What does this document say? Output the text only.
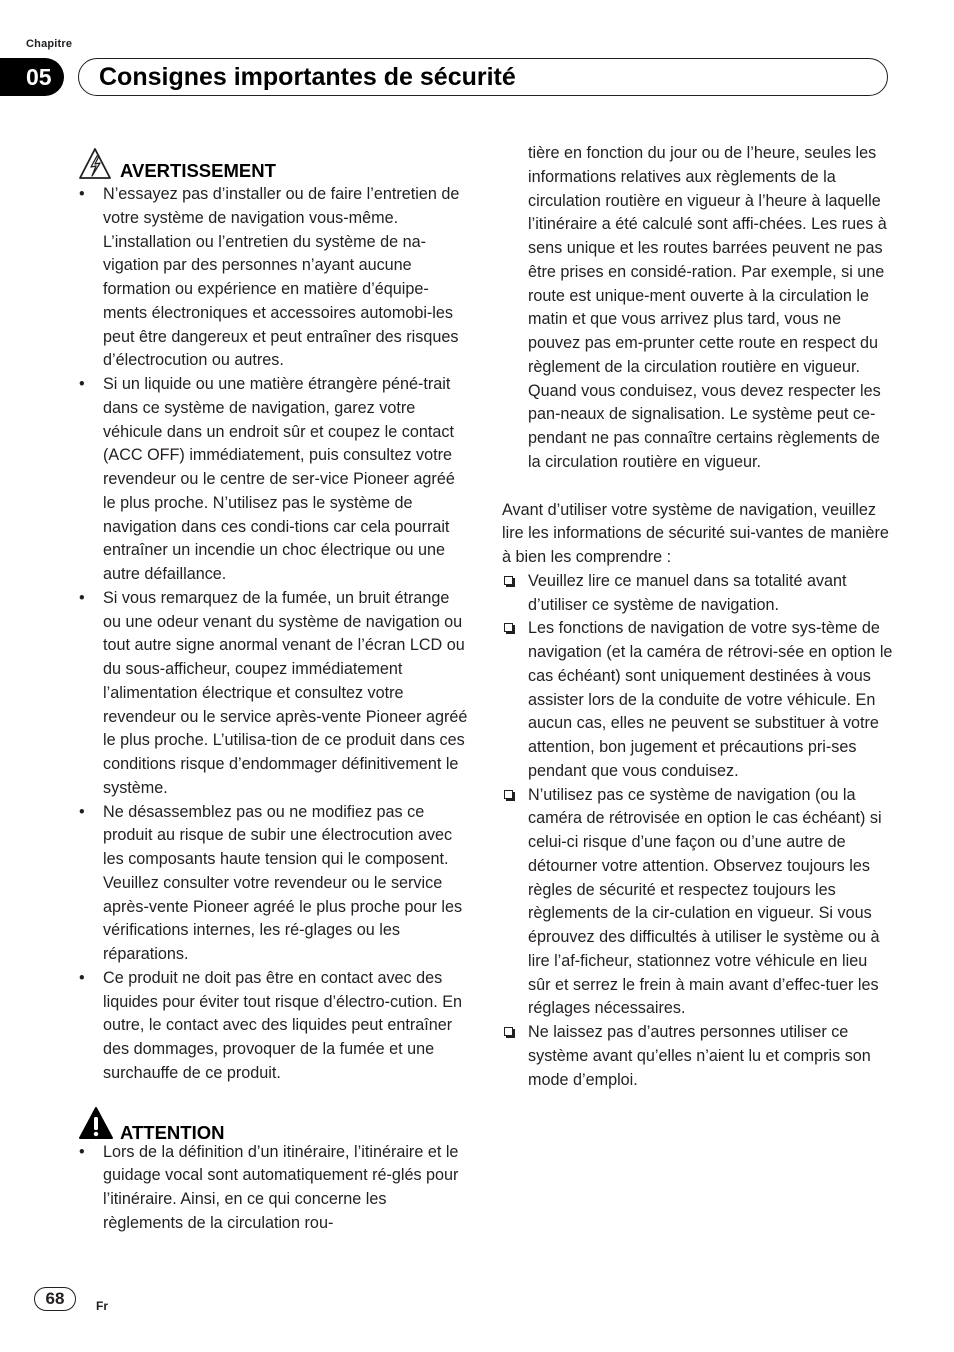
Chapitre
05	Consignes importantes de sécurité
AVERTISSEMENT
• N’essayez pas d’installer ou de faire l’entretien de votre système de navigation vous-même. L’installation ou l’entretien du système de na-vigation par des personnes n’ayant aucune formation ou expérience en matière d’équipe-ments électroniques et accessoires automobi-les peut être dangereux et peut entraîner des risques d’électrocution ou autres.
• Si un liquide ou une matière étrangère péné-trait dans ce système de navigation, garez votre véhicule dans un endroit sûr et coupez le contact (ACC OFF) immédiatement, puis consultez votre revendeur ou le centre de ser-vice Pioneer agréé le plus proche. N’utilisez pas le système de navigation dans ces condi-tions car cela pourrait entraîner un incendie un choc électrique ou une autre défaillance.
• Si vous remarquez de la fumée, un bruit étrange ou une odeur venant du système de navigation ou tout autre signe anormal venant de l’écran LCD ou du sous-afficheur, coupez immédiatement l’alimentation électrique et consultez votre revendeur ou le service après-vente Pioneer agréé le plus proche. L’utilisa-tion de ce produit dans ces conditions risque d’endommager définitivement le système.
• Ne désassemblez pas ou ne modifiez pas ce produit au risque de subir une électrocution avec les composants haute tension qui le composent. Veuillez consulter votre revendeur ou le service après-vente Pioneer agréé le plus proche pour les vérifications internes, les ré-glages ou les réparations.
• Ce produit ne doit pas être en contact avec des liquides pour éviter tout risque d’électro-cution. En outre, le contact avec des liquides peut entraîner des dommages, provoquer de la fumée et une surchauffe de ce produit.
ATTENTION
• Lors de la définition d’un itinéraire, l’itinéraire et le guidage vocal sont automatiquement ré-glés pour l’itinéraire. Ainsi, en ce qui concerne les règlements de la circulation rou-

tière en fonction du jour ou de l’heure, seules les informations relatives aux règlements de la circulation routière en vigueur à l’heure à laquelle l’itinéraire a été calculé sont affi-chées. Les rues à sens unique et les routes barrées peuvent ne pas être prises en considé-ration. Par exemple, si une route est unique-ment ouverte à la circulation le matin et que vous arrivez plus tard, vous ne pouvez pas em-prunter cette route en respect du règlement de la circulation routière en vigueur. Quand vous conduisez, vous devez respecter les pan-neaux de signalisation. Le système peut ce-pendant ne pas connaître certains règlements de la circulation routière en vigueur.

Avant d’utiliser votre système de navigation, veuillez lire les informations de sécurité sui-vantes de manière à bien les comprendre :

Veuillez lire ce manuel dans sa totalité avant d’utiliser ce système de navigation.
Les fonctions de navigation de votre sys-tème de navigation (et la caméra de rétrovi-sée en option le cas échéant) sont uniquement destinées à vous assister lors de la conduite de votre véhicule. En aucun cas, elles ne peuvent se substituer à votre attention, bon jugement et précautions pri-ses pendant que vous conduisez.
N’utilisez pas ce système de navigation (ou la caméra de rétrovisée en option le cas échéant) si celui-ci risque d’une façon ou d’une autre de détourner votre attention. Observez toujours les règles de sécurité et respectez toujours les règlements de la cir-culation en vigueur. Si vous éprouvez des difficultés à utiliser le système ou à lire l’af-ficheur, stationnez votre véhicule en lieu sûr et serrez le frein à main avant d’effec-tuer les réglages nécessaires.
Ne laissez pas d’autres personnes utiliser ce système avant qu’elles n’aient lu et compris son mode d’emploi.
68	Fr
